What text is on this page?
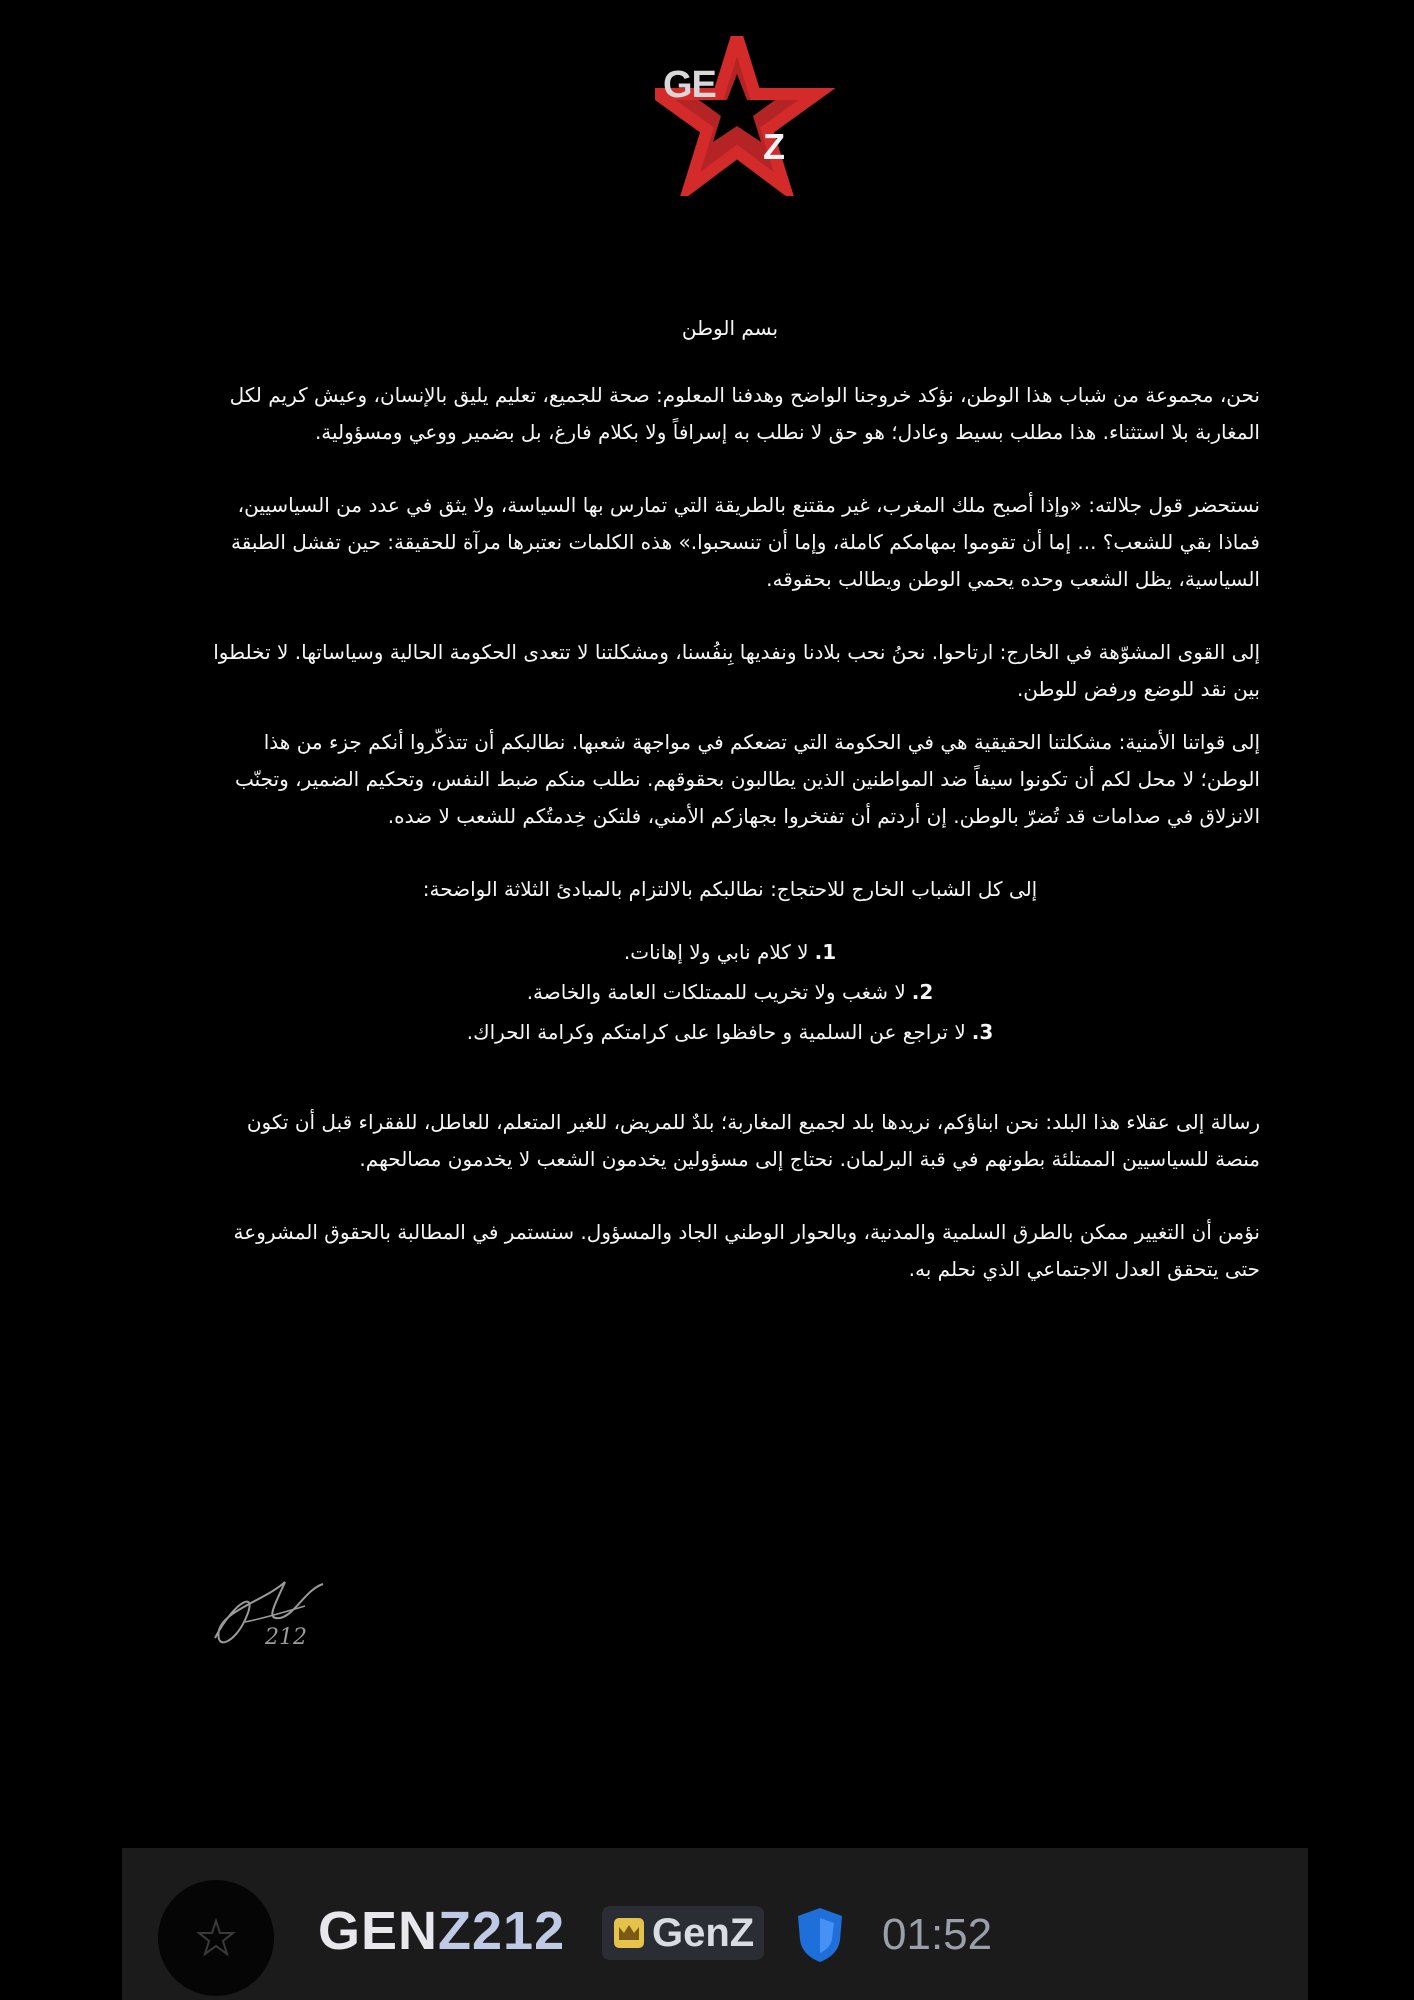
GE
Z

بسم الوطن

نحن، مجموعة من شباب هذا الوطن، نؤكد خروجنا الواضح وهدفنا المعلوم: صحة للجميع، تعليم يليق بالإنسان، وعيش كريم لكل المغاربة بلا استثناء. هذا مطلب بسيط وعادل؛ هو حق لا نطلب به إسرافاً ولا بكلام فارغ، بل بضمير ووعي ومسؤولية.

نستحضر قول جلالته: «وإذا أصبح ملك المغرب، غير مقتنع بالطريقة التي تمارس بها السياسة، ولا يثق في عدد من السياسيين، فماذا بقي للشعب؟ ... إما أن تقوموا بمهامكم كاملة، وإما أن تنسحبوا.» هذه الكلمات نعتبرها مرآة للحقيقة: حين تفشل الطبقة السياسية، يظل الشعب وحده يحمي الوطن ويطالب بحقوقه.

إلى القوى المشوّهة في الخارج: ارتاحوا. نحنُ نحب بلادنا ونفديها بِنفُسنا، ومشكلتنا لا تتعدى الحكومة الحالية وسياساتها. لا تخلطوا بين نقد للوضع ورفض للوطن.

إلى قواتنا الأمنية: مشكلتنا الحقيقية هي في الحكومة التي تضعكم في مواجهة شعبها. نطالبكم أن تتذكّروا أنكم جزء من هذا الوطن؛ لا محل لكم أن تكونوا سيفاً ضد المواطنين الذين يطالبون بحقوقهم. نطلب منكم ضبط النفس، وتحكيم الضمير، وتجنّب الانزلاق في صدامات قد تُضرّ بالوطن. إن أردتم أن تفتخروا بجهازكم الأمني، فلتكن خِدمتُكم للشعب لا ضده.

إلى كل الشباب الخارج للاحتجاج: نطالبكم بالالتزام بالمبادئ الثلاثة الواضحة:

1.لا كلام نابي ولا إهانات.
2.لا شغب ولا تخريب للممتلكات العامة والخاصة.
3.لا تراجع عن السلمية و حافظوا على كرامتكم وكرامة الحراك.

رسالة إلى عقلاء هذا البلد: نحن ابناؤكم، نريدها بلد لجميع المغاربة؛ بلدٌ للمريض، للغير المتعلم، للعاطل، للفقراء قبل أن تكون منصة للسياسيين الممتلئة بطونهم في قبة البرلمان. نحتاج إلى مسؤولين يخدمون الشعب لا يخدمون مصالحهم.

نؤمن أن التغيير ممكن بالطرق السلمية والمدنية، وبالحوار الوطني الجاد والمسؤول. سنستمر في المطالبة بالحقوق المشروعة حتى يتحقق العدل الاجتماعي الذي نحلم به.

212
GENZ212 GenZ	01:52
